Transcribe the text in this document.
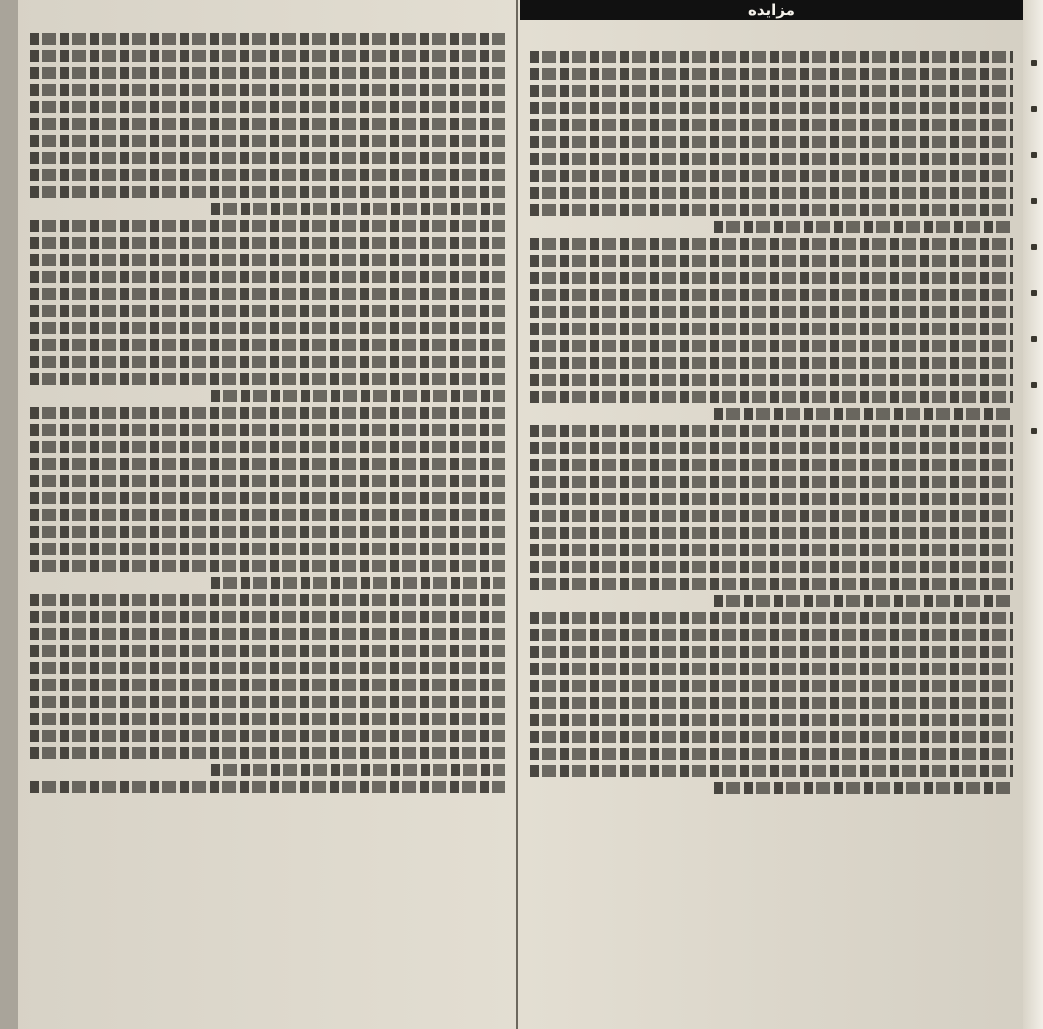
مزایده
